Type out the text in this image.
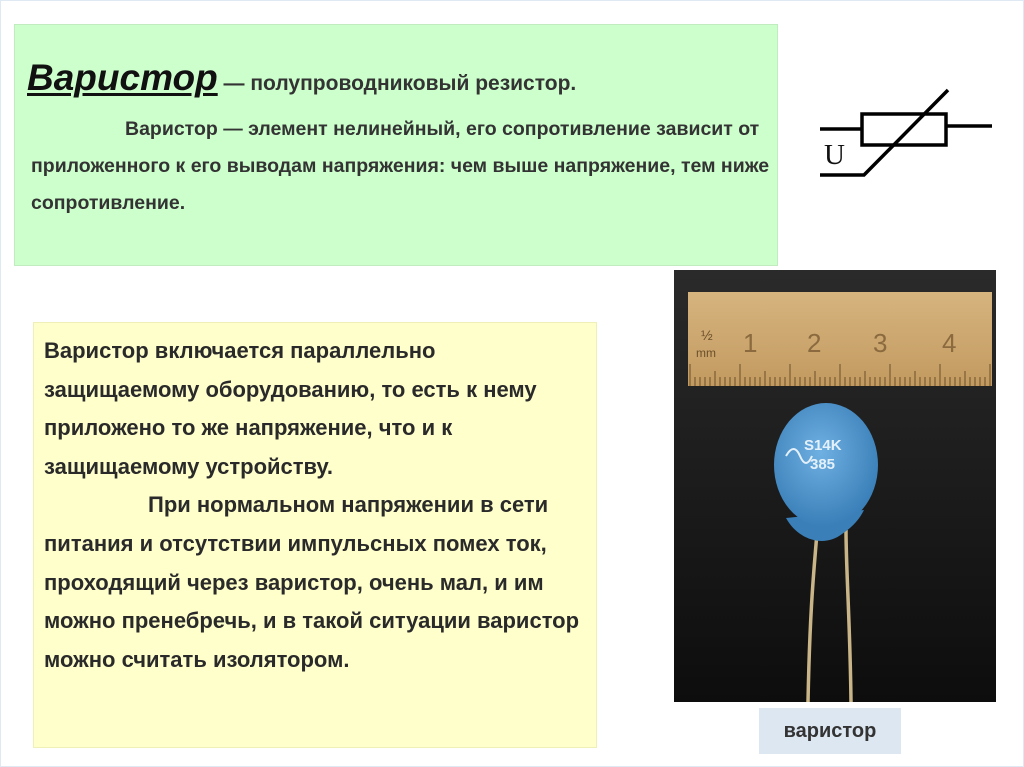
Варистор — полупроводниковый резистор.
Варистор — элемент нелинейный, его сопротивление зависит от приложенного к его выводам напряжения: чем выше напряжение, тем ниже сопротивление.
U
½
mm 1 2 3 4
S14K
385
варистор
Варистор включается параллельно защищаемому оборудованию, то есть к нему приложено то же напряжение, что и к защищаемому устройству.
При нормальном напряжении в сети питания и отсутствии импульсных помех ток, проходящий через варистор, очень мал, и им можно пренебречь, и в такой ситуации варистор можно считать изолятором.
